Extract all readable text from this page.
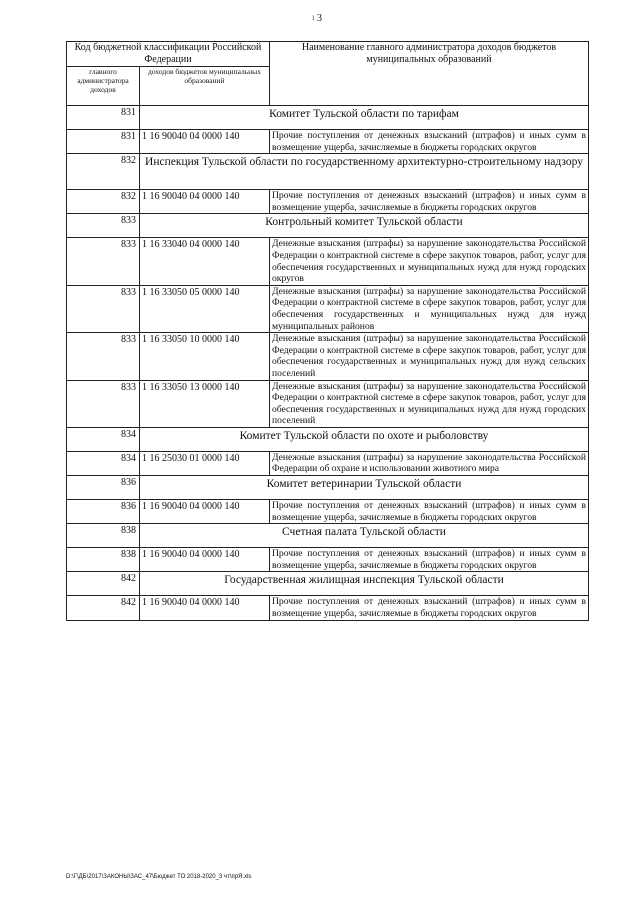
ı 3
Код бюджетной классификации Российской Федерации		Наименование главного администратора доходов бюджетов муниципальных образований
главного администратора доходов	доходов бюджетов муниципальных образований	
831	Комитет Тульской области по тарифам	
831	1 16 90040 04 0000 140	Прочие поступления от денежных взысканий (штрафов) и иных сумм в возмещение ущерба, зачисляемые в бюджеты городских округов
832	Инспекция Тульской области по государственному архитектурно-строительному надзору	
832	1 16 90040 04 0000 140	Прочие поступления от денежных взысканий (штрафов) и иных сумм в возмещение ущерба, зачисляемые в бюджеты городских округов
833	Контрольный комитет Тульской области	
833	1 16 33040 04 0000 140	Денежные взыскания (штрафы) за нарушение законодательства Российской Федерации о контрактной системе в сфере закупок товаров, работ, услуг для обеспечения государственных и муниципальных нужд для нужд городских округов
833	1 16 33050 05 0000 140	Денежные взыскания (штрафы) за нарушение законодательства Российской Федерации о контрактной системе в сфере закупок товаров, работ, услуг для обеспечения государственных и муниципальных нужд для нужд муниципальных районов
833	1 16 33050 10 0000 140	Денежные взыскания (штрафы) за нарушение законодательства Российской Федерации о контрактной системе в сфере закупок товаров, работ, услуг для обеспечения государственных и муниципальных нужд для нужд сельских поселений
833	1 16 33050 13 0000 140	Денежные взыскания (штрафы) за нарушение законодательства Российской Федерации о контрактной системе в сфере закупок товаров, работ, услуг для обеспечения государственных и муниципальных нужд для нужд городских поселений
834	Комитет Тульской области по охоте и рыболовству	
834	1 16 25030 01 0000 140	Денежные взыскания (штрафы) за нарушение законодательства Российской Федерации об охране и использовании животного мира
836	Комитет ветеринарии Тульской области	
836	1 16 90040 04 0000 140	Прочие поступления от денежных взысканий (штрафов) и иных сумм в возмещение ущерба, зачисляемые в бюджеты городских округов
838	Счетная палата Тульской области	
838	1 16 90040 04 0000 140	Прочие поступления от денежных взысканий (штрафов) и иных сумм в возмещение ущерба, зачисляемые в бюджеты городских округов
842	Государственная жилищная инспекция Тульской области	
842	1 16 90040 04 0000 140	Прочие поступления от денежных взысканий (штрафов) и иных сумм в возмещение ущерба, зачисляемые в бюджеты городских округов
D:\Г\ДБ\2017\ЗАКОНЫ\ЗАС_47\Бюджет ТО 2018-2020_3 чт\прЯ.xls
